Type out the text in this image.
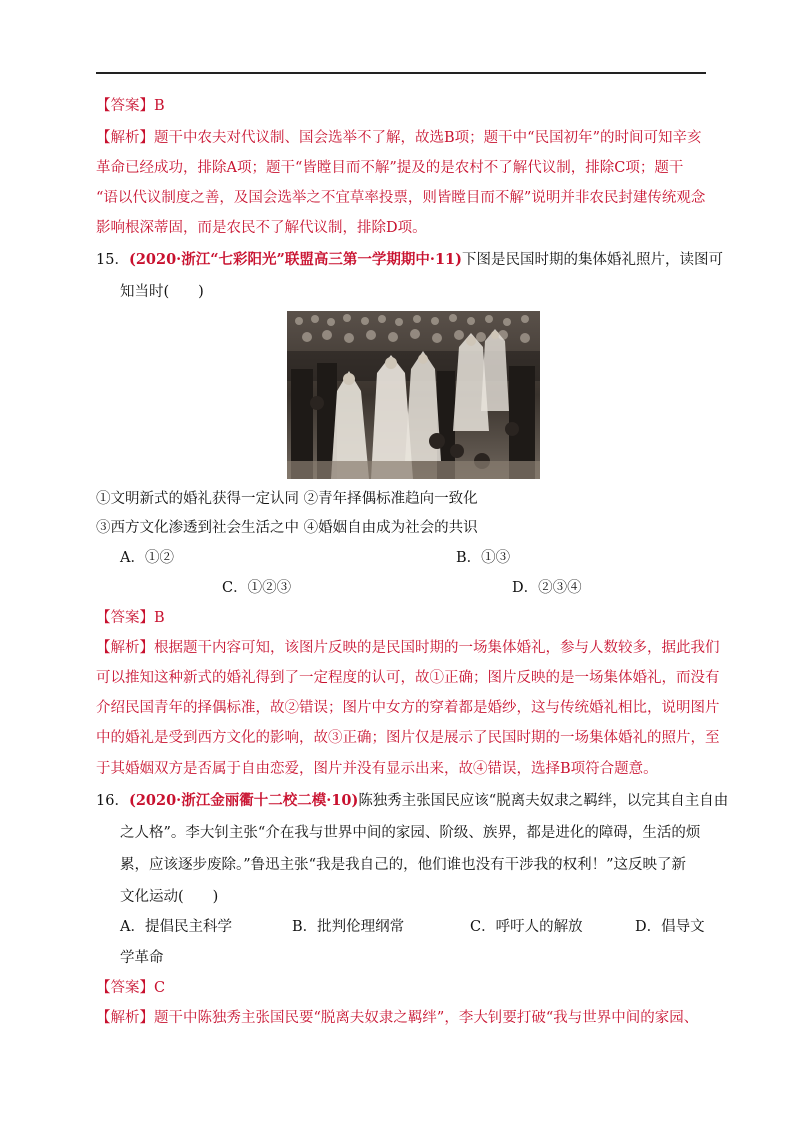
【答案】B
【解析】题干中农夫对代议制、国会选举不了解，故选B项；题干中“民国初年”的时间可知辛亥
革命已经成功，排除A项；题干“皆瞠目而不解”提及的是农村不了解代议制，排除C项；题干
“语以代议制度之善，及国会选举之不宜草率投票，则皆瞠目而不解”说明并非农民封建传统观念
影响根深蒂固，而是农民不了解代议制，排除D项。
15．(2020·浙江“七彩阳光”联盟高三第一学期期中·11)下图是民国时期的集体婚礼照片，读图可
知当时(　　)
①文明新式的婚礼获得一定认同 ②青年择偶标准趋向一致化
③西方文化渗透到社会生活之中 ④婚姻自由成为社会的共识
A．①②	B．①③
C．①②③	D．②③④
【答案】B
【解析】根据题干内容可知，该图片反映的是民国时期的一场集体婚礼，参与人数较多，据此我们
可以推知这种新式的婚礼得到了一定程度的认可，故①正确；图片反映的是一场集体婚礼，而没有
介绍民国青年的择偶标准，故②错误；图片中女方的穿着都是婚纱，这与传统婚礼相比，说明图片
中的婚礼是受到西方文化的影响，故③正确；图片仅是展示了民国时期的一场集体婚礼的照片，至
于其婚姻双方是否属于自由恋爱，图片并没有显示出来，故④错误，选择B项符合题意。
16．(2020·浙江金丽衢十二校二模·10)陈独秀主张国民应该“脱离夫奴隶之羁绊，以完其自主自由
之人格”。李大钊主张“介在我与世界中间的家园、阶级、族界，都是进化的障碍，生活的烦
累，应该逐步废除。”鲁迅主张“我是我自己的，他们谁也没有干涉我的权利！”这反映了新
文化运动(　　)
A．提倡民主科学	B．批判伦理纲常	C．呼吁人的解放	D．倡导文
学革命
【答案】C
【解析】题干中陈独秀主张国民要“脱离夫奴隶之羁绊”，李大钊要打破“我与世界中间的家园、
